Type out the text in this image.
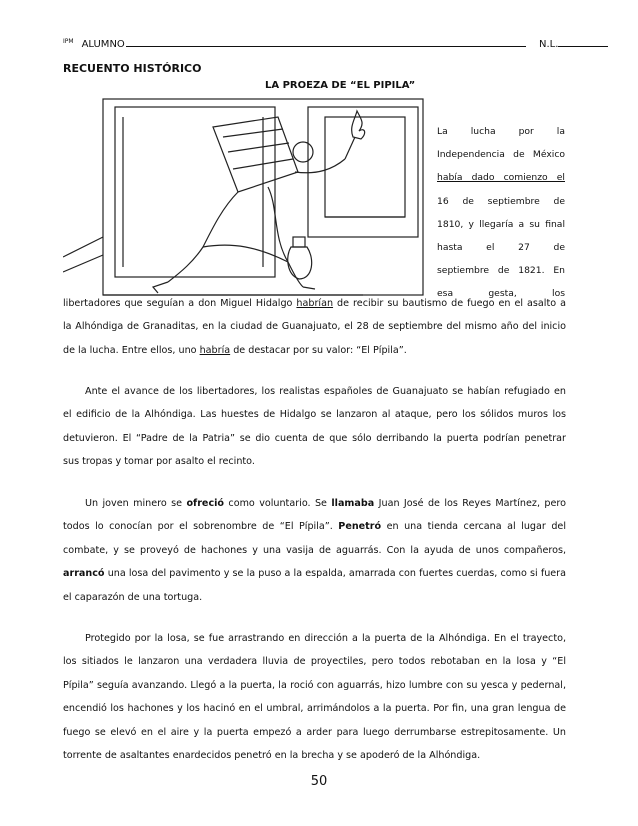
$^{IPM}$ ALUMNO	N.L.
RECUENTO HISTÓRICO
LA PROEZA DE “EL PIPILA”
La lucha por la
Independencia de México
había dado comienzo el
16 de septiembre de
1810, y llegaría a su final
hasta el 27 de
septiembre de 1821. En
esa gesta, los
libertadores que seguían a don Miguel Hidalgo habrían de recibir su bautismo de fuego en el asalto a
la Alhóndiga de Granaditas, en la ciudad de Guanajuato, el 28 de septiembre del mismo año del inicio
de la lucha. Entre ellos, uno habría de destacar por su valor: “El Pípila”.
Ante el avance de los libertadores, los realistas españoles de Guanajuato se habían refugiado en
el edificio de la Alhóndiga. Las huestes de Hidalgo se lanzaron al ataque, pero los sólidos muros los
detuvieron. El “Padre de la Patria” se dio cuenta de que sólo derribando la puerta podrían penetrar
sus tropas y tomar por asalto el recinto.
Un joven minero se ofreció como voluntario. Se llamaba Juan José de los Reyes Martínez, pero
todos lo conocían por el sobrenombre de “El Pípila”. Penetró en una tienda cercana al lugar del
combate, y se proveyó de hachones y una vasija de aguarrás. Con la ayuda de unos compañeros,
arrancó una losa del pavimento y se la puso a la espalda, amarrada con fuertes cuerdas, como si fuera
el caparazón de una tortuga.
Protegido por la losa, se fue arrastrando en dirección a la puerta de la Alhóndiga. En el trayecto,
los sitiados le lanzaron una verdadera lluvia de proyectiles, pero todos rebotaban en la losa y “El
Pípila” seguía avanzando. Llegó a la puerta, la roció con aguarrás, hizo lumbre con su yesca y pedernal,
encendió los hachones y los hacinó en el umbral, arrimándolos a la puerta. Por fin, una gran lengua de
fuego se elevó en el aire y la puerta empezó a arder para luego derrumbarse estrepitosamente. Un
torrente de asaltantes enardecidos penetró en la brecha y se apoderó de la Alhóndiga.
50
